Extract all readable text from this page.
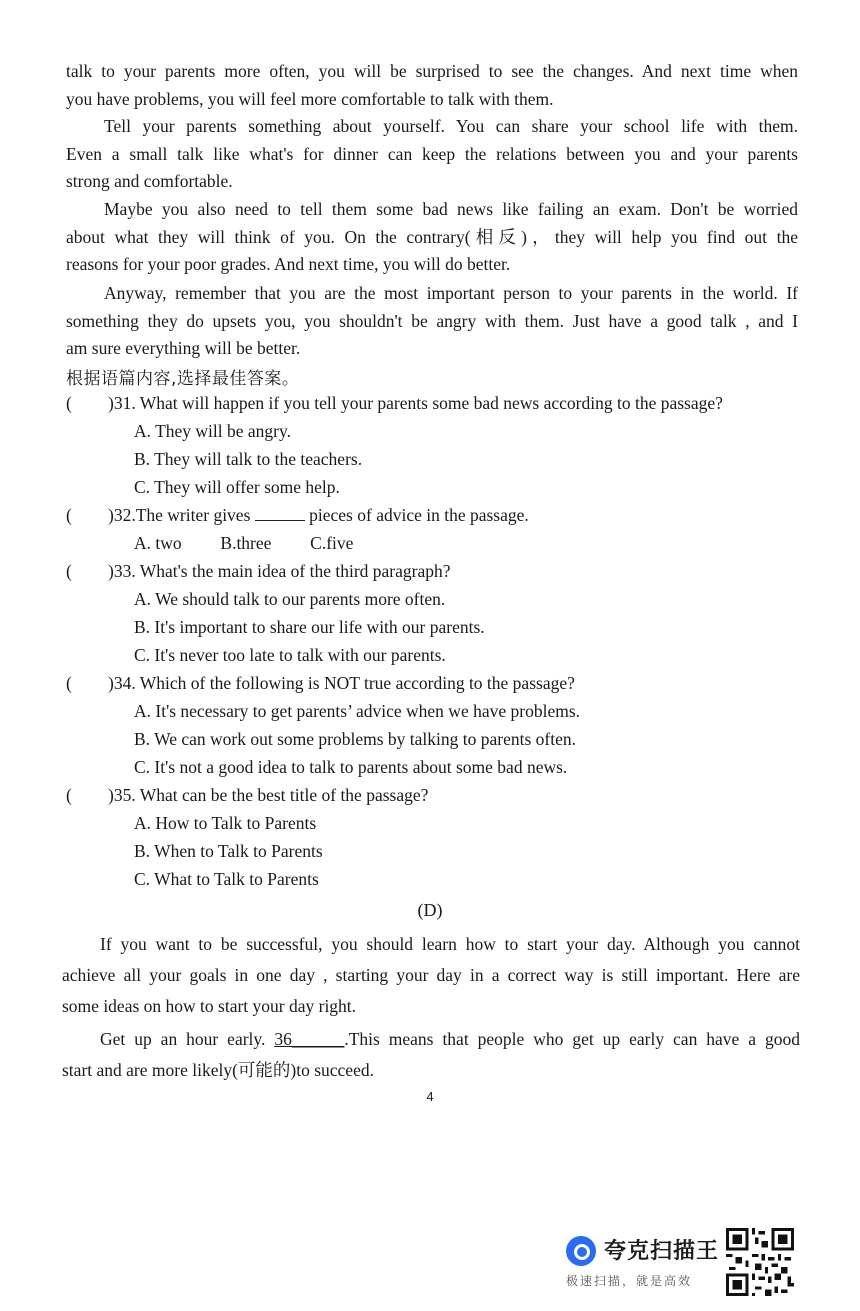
talk to your parents more often, you will be surprised to see the changes. And next time when
you have problems, you will feel more comfortable to talk with them.
Tell your parents something about yourself. You can share your school life with them.
Even a small talk like what's for dinner can keep the relations between you and your parents
strong and comfortable.
Maybe you also need to tell them some bad news like failing an exam. Don't be worried
about what they will think of you. On the contrary(相反)，they will help you find out the
reasons for your poor grades. And next time, you will do better.
Anyway, remember that you are the most important person to your parents in the world. If
something they do upsets you, you shouldn't be angry with them. Just have a good talk , and I
am sure everything will be better.
根据语篇内容,选择最佳答案。
( )31. What will happen if you tell your parents some bad news according to the passage?
A. They will be angry.
B. They will talk to the teachers.
C. They will offer some help.
( )32.The writer gives	pieces of advice in the passage.
A. two B.three C.five
( )33. What's the main idea of the third paragraph?
A. We should talk to our parents more often.
B. It's important to share our life with our parents.
C. It's never too late to talk with our parents.
( )34. Which of the following is NOT true according to the passage?
A. It's necessary to get parents’ advice when we have problems.
B. We can work out some problems by talking to parents often.
C. It's not a good idea to talk to parents about some bad news.
( )35. What can be the best title of the passage?
A. How to Talk to Parents
B. When to Talk to Parents
C. What to Talk to Parents
(D)
If you want to be successful, you should learn how to start your day. Although you cannot
achieve all your goals in one day , starting your day in a correct way is still important. Here are
some ideas on how to start your day right.
Get up an hour early. 36______.This means that people who get up early can have a good
start and are more likely(可能的)to succeed.
4
夸克扫描王
极速扫描，就是高效
